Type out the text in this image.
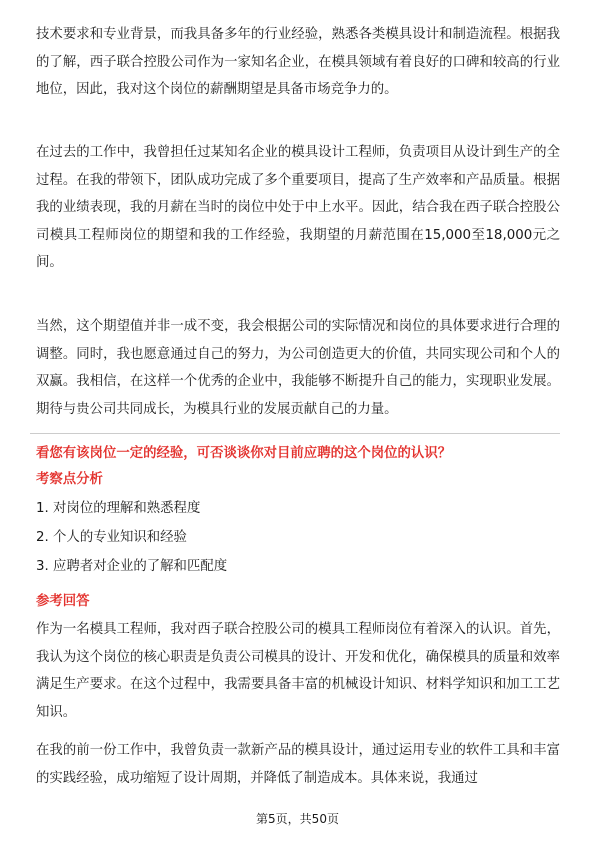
技术要求和专业背景，而我具备多年的行业经验，熟悉各类模具设计和制造流程。根据我的了解，西子联合控股公司作为一家知名企业，在模具领域有着良好的口碑和较高的行业地位，因此，我对这个岗位的薪酬期望是具备市场竞争力的。

在过去的工作中，我曾担任过某知名企业的模具设计工程师，负责项目从设计到生产的全过程。在我的带领下，团队成功完成了多个重要项目，提高了生产效率和产品质量。根据我的业绩表现，我的月薪在当时的岗位中处于中上水平。因此，结合我在西子联合控股公司模具工程师岗位的期望和我的工作经验，我期望的月薪范围在15,000至18,000元之间。

当然，这个期望值并非一成不变，我会根据公司的实际情况和岗位的具体要求进行合理的调整。同时，我也愿意通过自己的努力，为公司创造更大的价值，共同实现公司和个人的双赢。我相信，在这样一个优秀的企业中，我能够不断提升自己的能力，实现职业发展。期待与贵公司共同成长，为模具行业的发展贡献自己的力量。

看您有该岗位一定的经验，可否谈谈你对目前应聘的这个岗位的认识？

考察点分析

1. 对岗位的理解和熟悉程度

2. 个人的专业知识和经验

3. 应聘者对企业的了解和匹配度

参考回答

作为一名模具工程师，我对西子联合控股公司的模具工程师岗位有着深入的认识。首先，我认为这个岗位的核心职责是负责公司模具的设计、开发和优化，确保模具的质量和效率满足生产要求。在这个过程中，我需要具备丰富的机械设计知识、材料学知识和加工工艺知识。

在我的前一份工作中，我曾负责一款新产品的模具设计，通过运用专业的软件工具和丰富的实践经验，成功缩短了设计周期，并降低了制造成本。具体来说，我通过

第5页，共50页
